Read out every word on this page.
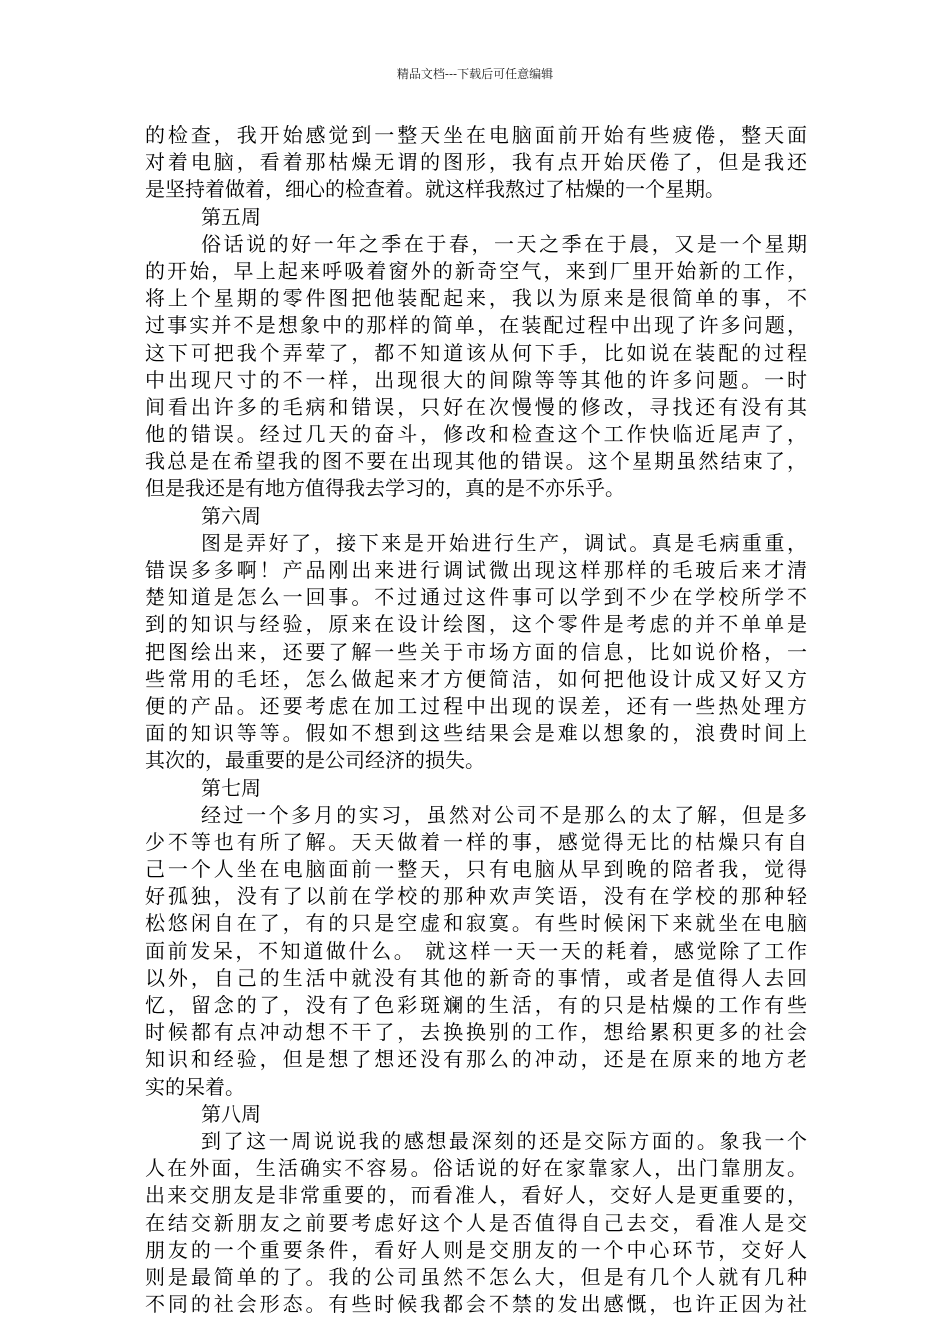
精品文档---下载后可任意编辑
的检查，我开始感觉到一整天坐在电脑面前开始有些疲倦，整天面
对着电脑，看着那枯燥无谓的图形，我有点开始厌倦了，但是我还
是坚持着做着，细心的检查着。就这样我熬过了枯燥的一个星期。
第五周
俗话说的好一年之季在于春，一天之季在于晨，又是一个星期
的开始，早上起来呼吸着窗外的新奇空气，来到厂里开始新的工作，
将上个星期的零件图把他装配起来，我以为原来是很简单的事，不
过事实并不是想象中的那样的简单，在装配过程中出现了许多问题，
这下可把我个弄荤了，都不知道该从何下手，比如说在装配的过程
中出现尺寸的不一样，出现很大的间隙等等其他的许多问题。一时
间看出许多的毛病和错误，只好在次慢慢的修改，寻找还有没有其
他的错误。经过几天的奋斗，修改和检查这个工作快临近尾声了，
我总是在希望我的图不要在出现其他的错误。这个星期虽然结束了，
但是我还是有地方值得我去学习的，真的是不亦乐乎。
第六周
图是弄好了，接下来是开始进行生产，调试。真是毛病重重，
错误多多啊！产品刚出来进行调试微出现这样那样的毛玻后来才清
楚知道是怎么一回事。不过通过这件事可以学到不少在学校所学不
到的知识与经验，原来在设计绘图，这个零件是考虑的并不单单是
把图绘出来，还要了解一些关于市场方面的信息，比如说价格，一
些常用的毛坯，怎么做起来才方便简洁，如何把他设计成又好又方
便的产品。还要考虑在加工过程中出现的误差，还有一些热处理方
面的知识等等。假如不想到这些结果会是难以想象的，浪费时间上
其次的，最重要的是公司经济的损失。
第七周
经过一个多月的实习，虽然对公司不是那么的太了解，但是多
少不等也有所了解。天天做着一样的事，感觉得无比的枯燥只有自
己一个人坐在电脑面前一整天，只有电脑从早到晚的陪者我，觉得
好孤独，没有了以前在学校的那种欢声笑语，没有在学校的那种轻
松悠闲自在了，有的只是空虚和寂寞。有些时候闲下来就坐在电脑
面前发呆，不知道做什么。 就这样一天一天的耗着，感觉除了工作
以外，自己的生活中就没有其他的新奇的事情，或者是值得人去回
忆，留念的了，没有了色彩斑斓的生活，有的只是枯燥的工作有些
时候都有点冲动想不干了，去换换别的工作，想给累积更多的社会
知识和经验，但是想了想还没有那么的冲动，还是在原来的地方老
实的呆着。
第八周
到了这一周说说我的感想最深刻的还是交际方面的。象我一个
人在外面，生活确实不容易。俗话说的好在家靠家人，出门靠朋友。
出来交朋友是非常重要的，而看准人，看好人，交好人是更重要的，
在结交新朋友之前要考虑好这个人是否值得自己去交，看准人是交
朋友的一个重要条件，看好人则是交朋友的一个中心环节，交好人
则是最简单的了。我的公司虽然不怎么大，但是有几个人就有几种
不同的社会形态。有些时候我都会不禁的发出感慨，也许正因为社
